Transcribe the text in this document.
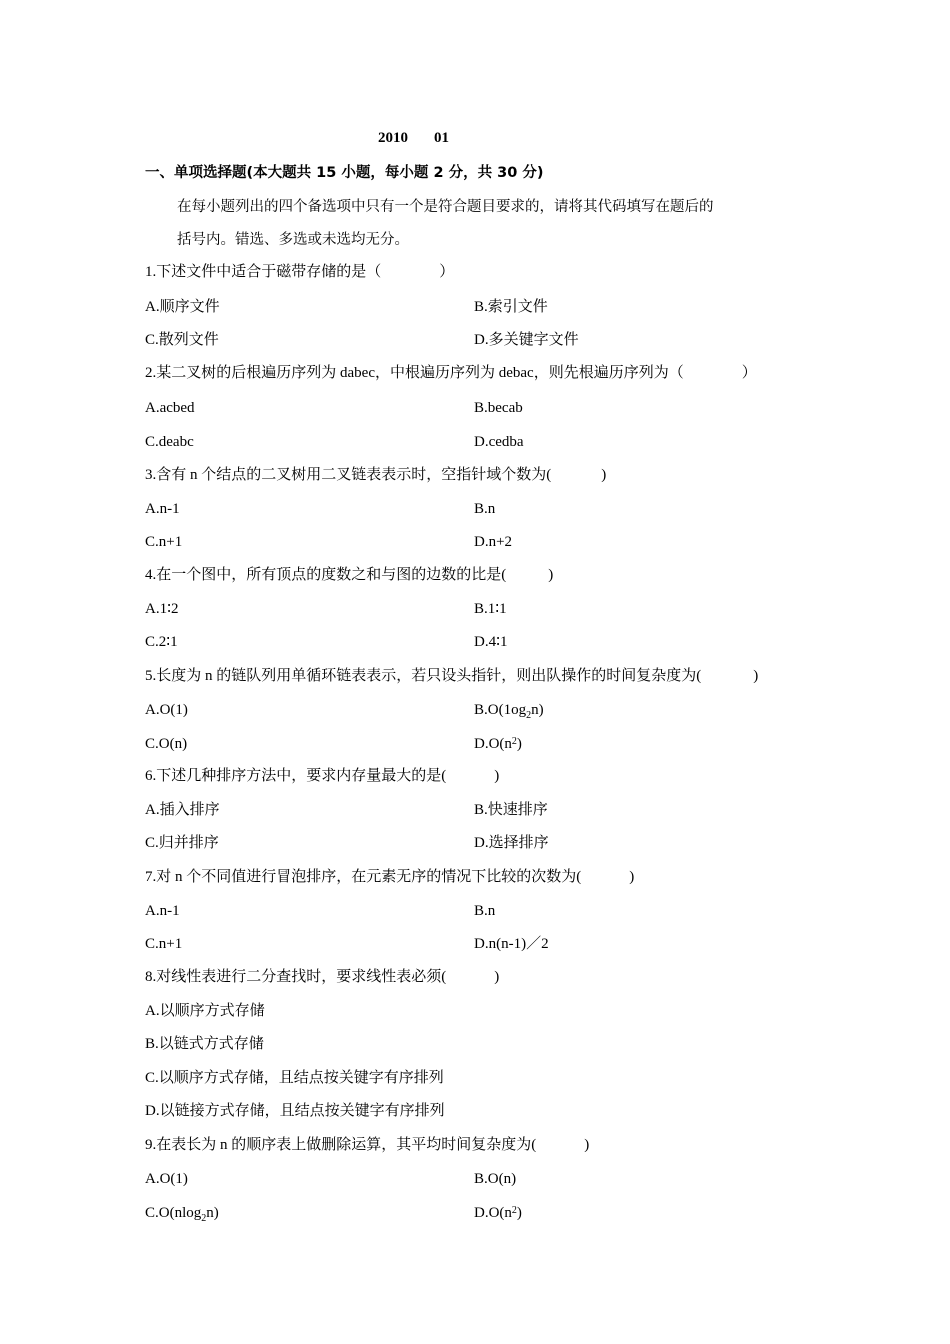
2010 01
一、单项选择题(本大题共 15 小题，每小题 2 分，共 30 分)
在每小题列出的四个备选项中只有一个是符合题目要求的，请将其代码填写在题后的
括号内。错选、多选或未选均无分。
1.下述文件中适合于磁带存储的是（	）
A.顺序文件	B.索引文件
C.散列文件	D.多关键字文件
2.某二叉树的后根遍历序列为 dabec，中根遍历序列为 debac，则先根遍历序列为（	）
A.acbed	B.becab
C.deabc	D.cedba
3.含有 n 个结点的二叉树用二叉链表表示时，空指针域个数为(	)
A.n-1	B.n
C.n+1	D.n+2
4.在一个图中，所有顶点的度数之和与图的边数的比是(	)
A.1∶2	B.1∶1
C.2∶1	D.4∶1
5.长度为 n 的链队列用单循环链表表示，若只设头指针，则出队操作的时间复杂度为(	)
A.O(1)	$B.O(1og_2n)$
C.O(n)	$D.O(n^2)$
6.下述几种排序方法中，要求内存量最大的是(	)
A.插入排序	B.快速排序
C.归并排序	D.选择排序
7.对 n 个不同值进行冒泡排序，在元素无序的情况下比较的次数为(	)
A.n-1	B.n
C.n+1	D.n(n-1)／2
8.对线性表进行二分查找时，要求线性表必须(	)
A.以顺序方式存储
B.以链式方式存储
C.以顺序方式存储，且结点按关键字有序排列
D.以链接方式存储，且结点按关键字有序排列
9.在表长为 n 的顺序表上做删除运算，其平均时间复杂度为(	)
A.O(1)	B.O(n)
C.O(nlog$_2$n)	$D.O(n^2)$
